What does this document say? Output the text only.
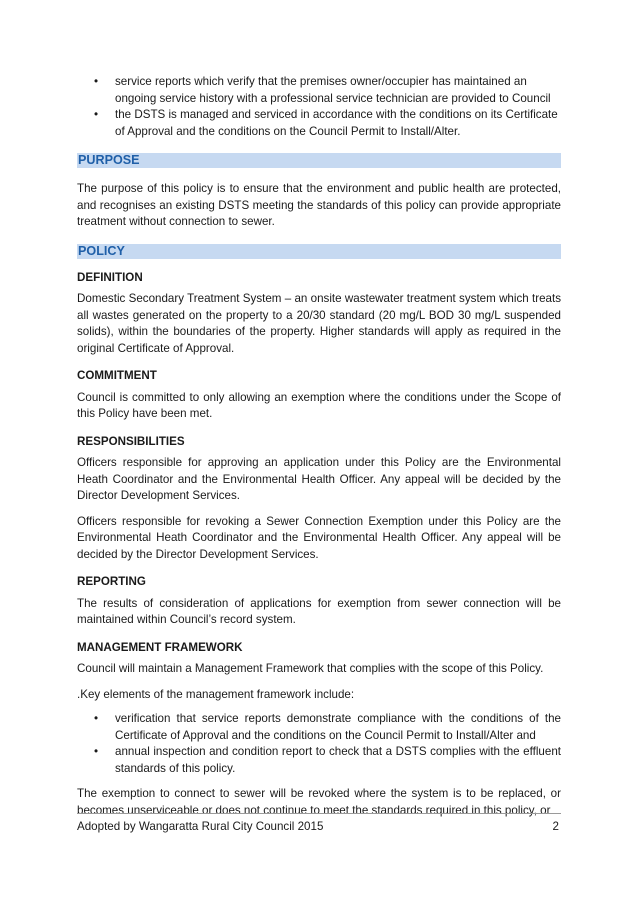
• service reports which verify that the premises owner/occupier has maintained an ongoing service history with a professional service technician are provided to Council
• the DSTS is managed and serviced in accordance with the conditions on its Certificate of Approval and the conditions on the Council Permit to Install/Alter.
PURPOSE

The purpose of this policy is to ensure that the environment and public health are protected, and recognises an existing DSTS meeting the standards of this policy can provide appropriate treatment without connection to sewer.

POLICY
DEFINITION

Domestic Secondary Treatment System – an onsite wastewater treatment system which treats all wastes generated on the property to a 20/30 standard (20 mg/L BOD 30 mg/L suspended solids), within the boundaries of the property. Higher standards will apply as required in the original Certificate of Approval.

COMMITMENT

Council is committed to only allowing an exemption where the conditions under the Scope of this Policy have been met.

RESPONSIBILITIES

Officers responsible for approving an application under this Policy are the Environmental Heath Coordinator and the Environmental Health Officer. Any appeal will be decided by the Director Development Services.

Officers responsible for revoking a Sewer Connection Exemption under this Policy are the Environmental Heath Coordinator and the Environmental Health Officer. Any appeal will be decided by the Director Development Services.

REPORTING

The results of consideration of applications for exemption from sewer connection will be maintained within Council’s record system.

MANAGEMENT FRAMEWORK

Council will maintain a Management Framework that complies with the scope of this Policy.

.Key elements of the management framework include:

• verification that service reports demonstrate compliance with the conditions of the Certificate of Approval and the conditions on the Council Permit to Install/Alter and
• annual inspection and condition report to check that a DSTS complies with the effluent standards of this policy.

The exemption to connect to sewer will be revoked where the system is to be replaced, or becomes unserviceable or does not continue to meet the standards required in this policy, or

Adopted by Wangaratta Rural City Council 2015	2
